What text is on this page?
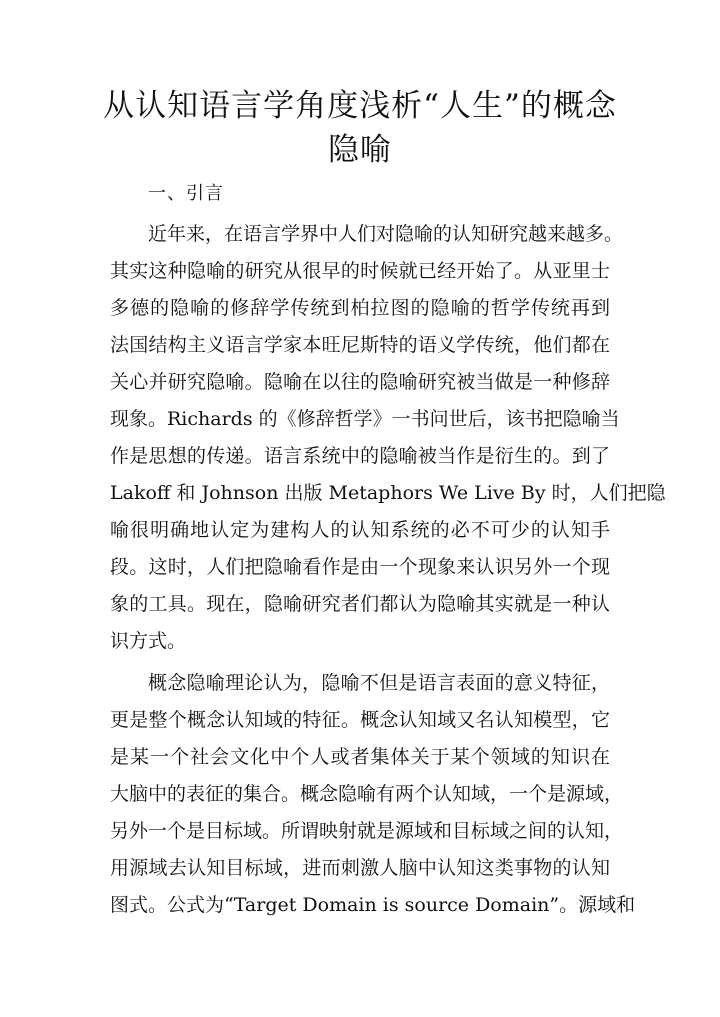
从认知语言学角度浅析“人生”的概念
隐喻

一、引言

近年来，在语言学界中人们对隐喻的认知研究越来越多。

其实这种隐喻的研究从很早的时候就已经开始了。从亚里士

多德的隐喻的修辞学传统到柏拉图的隐喻的哲学传统再到

法国结构主义语言学家本旺尼斯特的语义学传统，他们都在

关心并研究隐喻。隐喻在以往的隐喻研究被当做是一种修辞

现象。Richards 的《修辞哲学》一书问世后，该书把隐喻当

作是思想的传递。语言系统中的隐喻被当作是衍生的。到了

Lakoff 和 Johnson 出版 Metaphors We Live By 时，人们把隐

喻很明确地认定为建构人的认知系统的必不可少的认知手

段。这时，人们把隐喻看作是由一个现象来认识另外一个现

象的工具。现在，隐喻研究者们都认为隐喻其实就是一种认

识方式。

概念隐喻理论认为，隐喻不但是语言表面的意义特征，

更是整个概念认知域的特征。概念认知域又名认知模型，它

是某一个社会文化中个人或者集体关于某个领域的知识在

大脑中的表征的集合。概念隐喻有两个认知域，一个是源域，

另外一个是目标域。所谓映射就是源域和目标域之间的认知，

用源域去认知目标域，进而刺激人脑中认知这类事物的认知

图式。公式为“Target Domain is source Domain”。源域和
